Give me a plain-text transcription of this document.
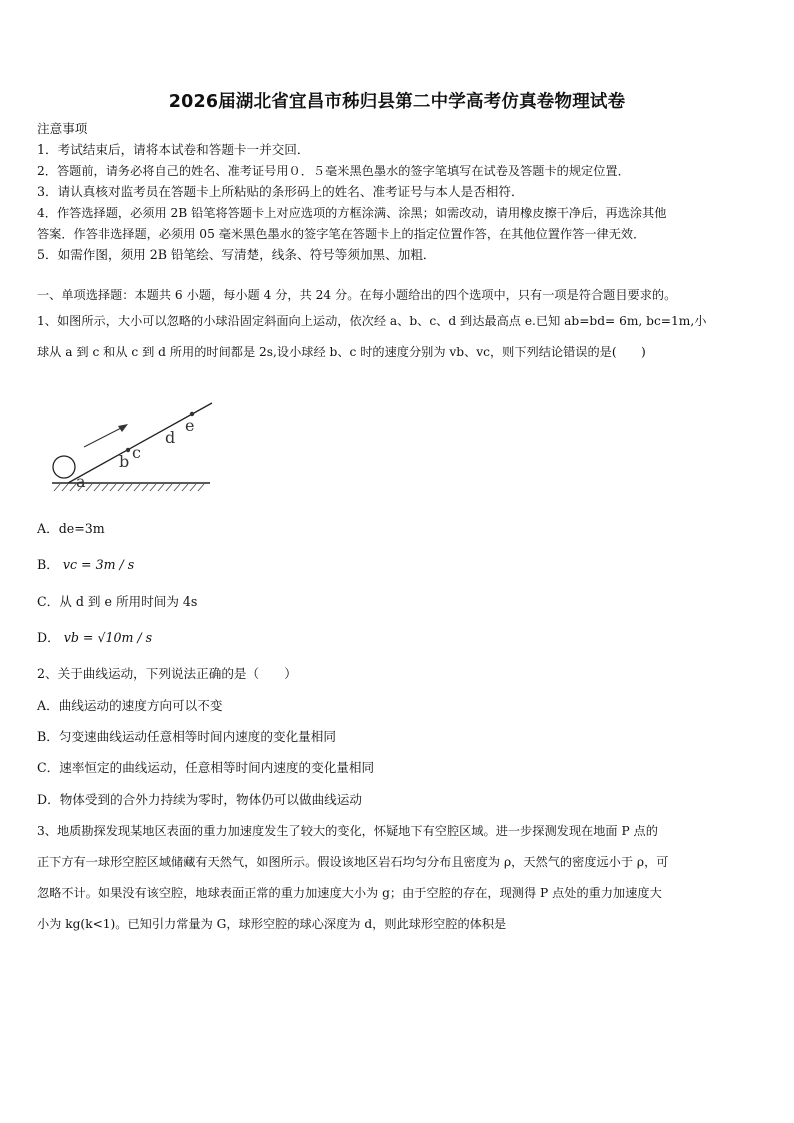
2026届湖北省宜昌市秭归县第二中学高考仿真卷物理试卷
注意事项
1．考试结束后，请将本试卷和答题卡一并交回．
2．答题前，请务必将自己的姓名、准考证号用０．５毫米黑色墨水的签字笔填写在试卷及答题卡的规定位置．
3．请认真核对监考员在答题卡上所粘贴的条形码上的姓名、准考证号与本人是否相符．
4．作答选择题，必须用 2B 铅笔将答题卡上对应选项的方框涂满、涂黑；如需改动，请用橡皮擦干净后，再选涂其他
答案．作答非选择题，必须用 05 毫米黑色墨水的签字笔在答题卡上的指定位置作答，在其他位置作答一律无效．
5．如需作图，须用 2B 铅笔绘、写清楚，线条、符号等须加黑、加粗．
一、单项选择题：本题共 6 小题，每小题 4 分，共 24 分。在每小题给出的四个选项中，只有一项是符合题目要求的。
1、如图所示，大小可以忽略的小球沿固定斜面向上运动，依次经 a、b、c、d 到达最高点 e.已知 ab=bd= 6m, bc=1m,小
球从 a 到 c 和从 c 到 d 所用的时间都是 2s,设小球经 b、c 时的速度分别为 vb、vc，则下列结论错误的是(　　)
a
b c
d
e
A．de=3m
B． vc = 3m / s
C．从 d 到 e 所用时间为 4s
D． vb = √10m / s
2、关于曲线运动，下列说法正确的是（　　）
A．曲线运动的速度方向可以不变
B．匀变速曲线运动任意相等时间内速度的变化量相同
C．速率恒定的曲线运动，任意相等时间内速度的变化量相同
D．物体受到的合外力持续为零时，物体仍可以做曲线运动
3、地质勘探发现某地区表面的重力加速度发生了较大的变化，怀疑地下有空腔区域。进一步探测发现在地面 P 点的
正下方有一球形空腔区域储藏有天然气，如图所示。假设该地区岩石均匀分布且密度为 ρ，天然气的密度远小于 ρ，可
忽略不计。如果没有该空腔，地球表面正常的重力加速度大小为 g；由于空腔的存在，现测得 P 点处的重力加速度大
小为 kg(k<1)。已知引力常量为 G，球形空腔的球心深度为 d，则此球形空腔的体积是
